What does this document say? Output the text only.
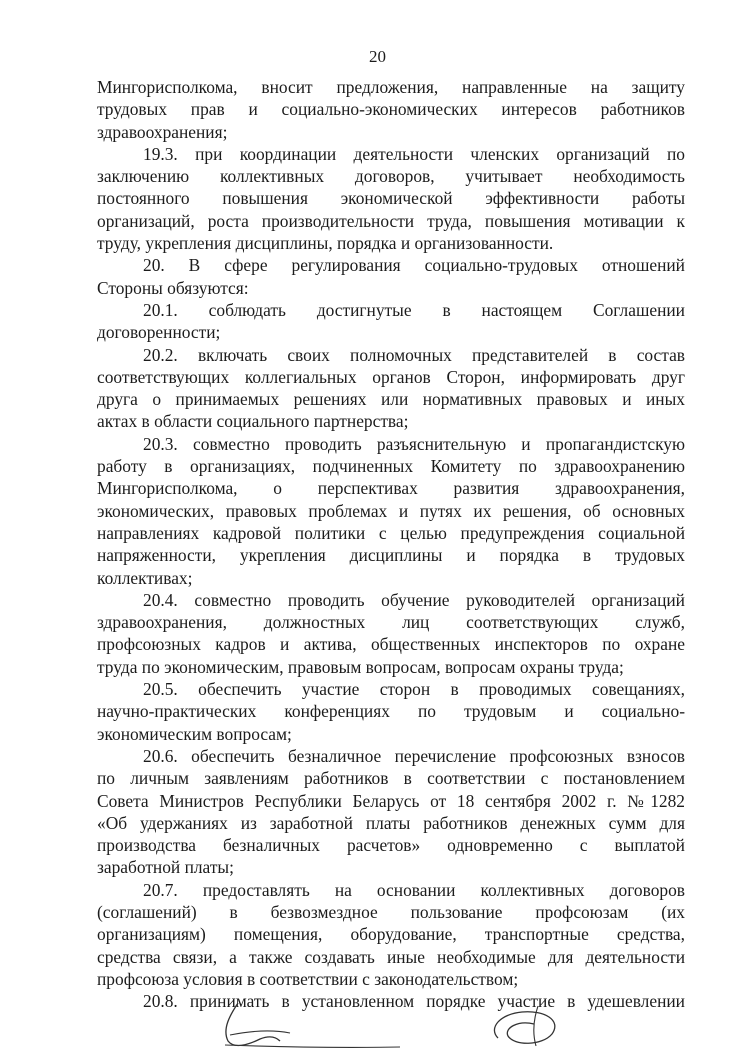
20
Мингорисполкома, вносит предложения, направленные на защиту
трудовых прав и социально-экономических интересов работников
здравоохранения;
19.3. при координации деятельности членских организаций по
заключению коллективных договоров, учитывает необходимость
постоянного повышения экономической эффективности работы
организаций, роста производительности труда, повышения мотивации к
труду, укрепления дисциплины, порядка и организованности.
20. В сфере регулирования социально-трудовых отношений
Стороны обязуются:
20.1. соблюдать достигнутые в настоящем Соглашении
договоренности;
20.2. включать своих полномочных представителей в состав
соответствующих коллегиальных органов Сторон, информировать друг
друга о принимаемых решениях или нормативных правовых и иных
актах в области социального партнерства;
20.3. совместно проводить разъяснительную и пропагандистскую
работу в организациях, подчиненных Комитету по здравоохранению
Мингорисполкома, о перспективах развития здравоохранения,
экономических, правовых проблемах и путях их решения, об основных
направлениях кадровой политики с целью предупреждения социальной
напряженности, укрепления дисциплины и порядка в трудовых
коллективах;
20.4. совместно проводить обучение руководителей организаций
здравоохранения, должностных лиц соответствующих служб,
профсоюзных кадров и актива, общественных инспекторов по охране
труда по экономическим, правовым вопросам, вопросам охраны труда;
20.5. обеспечить участие сторон в проводимых совещаниях,
научно-практических конференциях по трудовым и социально-
экономическим вопросам;
20.6. обеспечить безналичное перечисление профсоюзных взносов
по личным заявлениям работников в соответствии с постановлением
Совета Министров Республики Беларусь от 18 сентября 2002 г. №1282
«Об удержаниях из заработной платы работников денежных сумм для
производства безналичных расчетов» одновременно с выплатой
заработной платы;
20.7. предоставлять на основании коллективных договоров
(соглашений) в безвозмездное пользование профсоюзам (их
организациям) помещения, оборудование, транспортные средства,
средства связи, а также создавать иные необходимые для деятельности
профсоюза условия в соответствии с законодательством;
20.8. принимать в установленном порядке участие в удешевлении
